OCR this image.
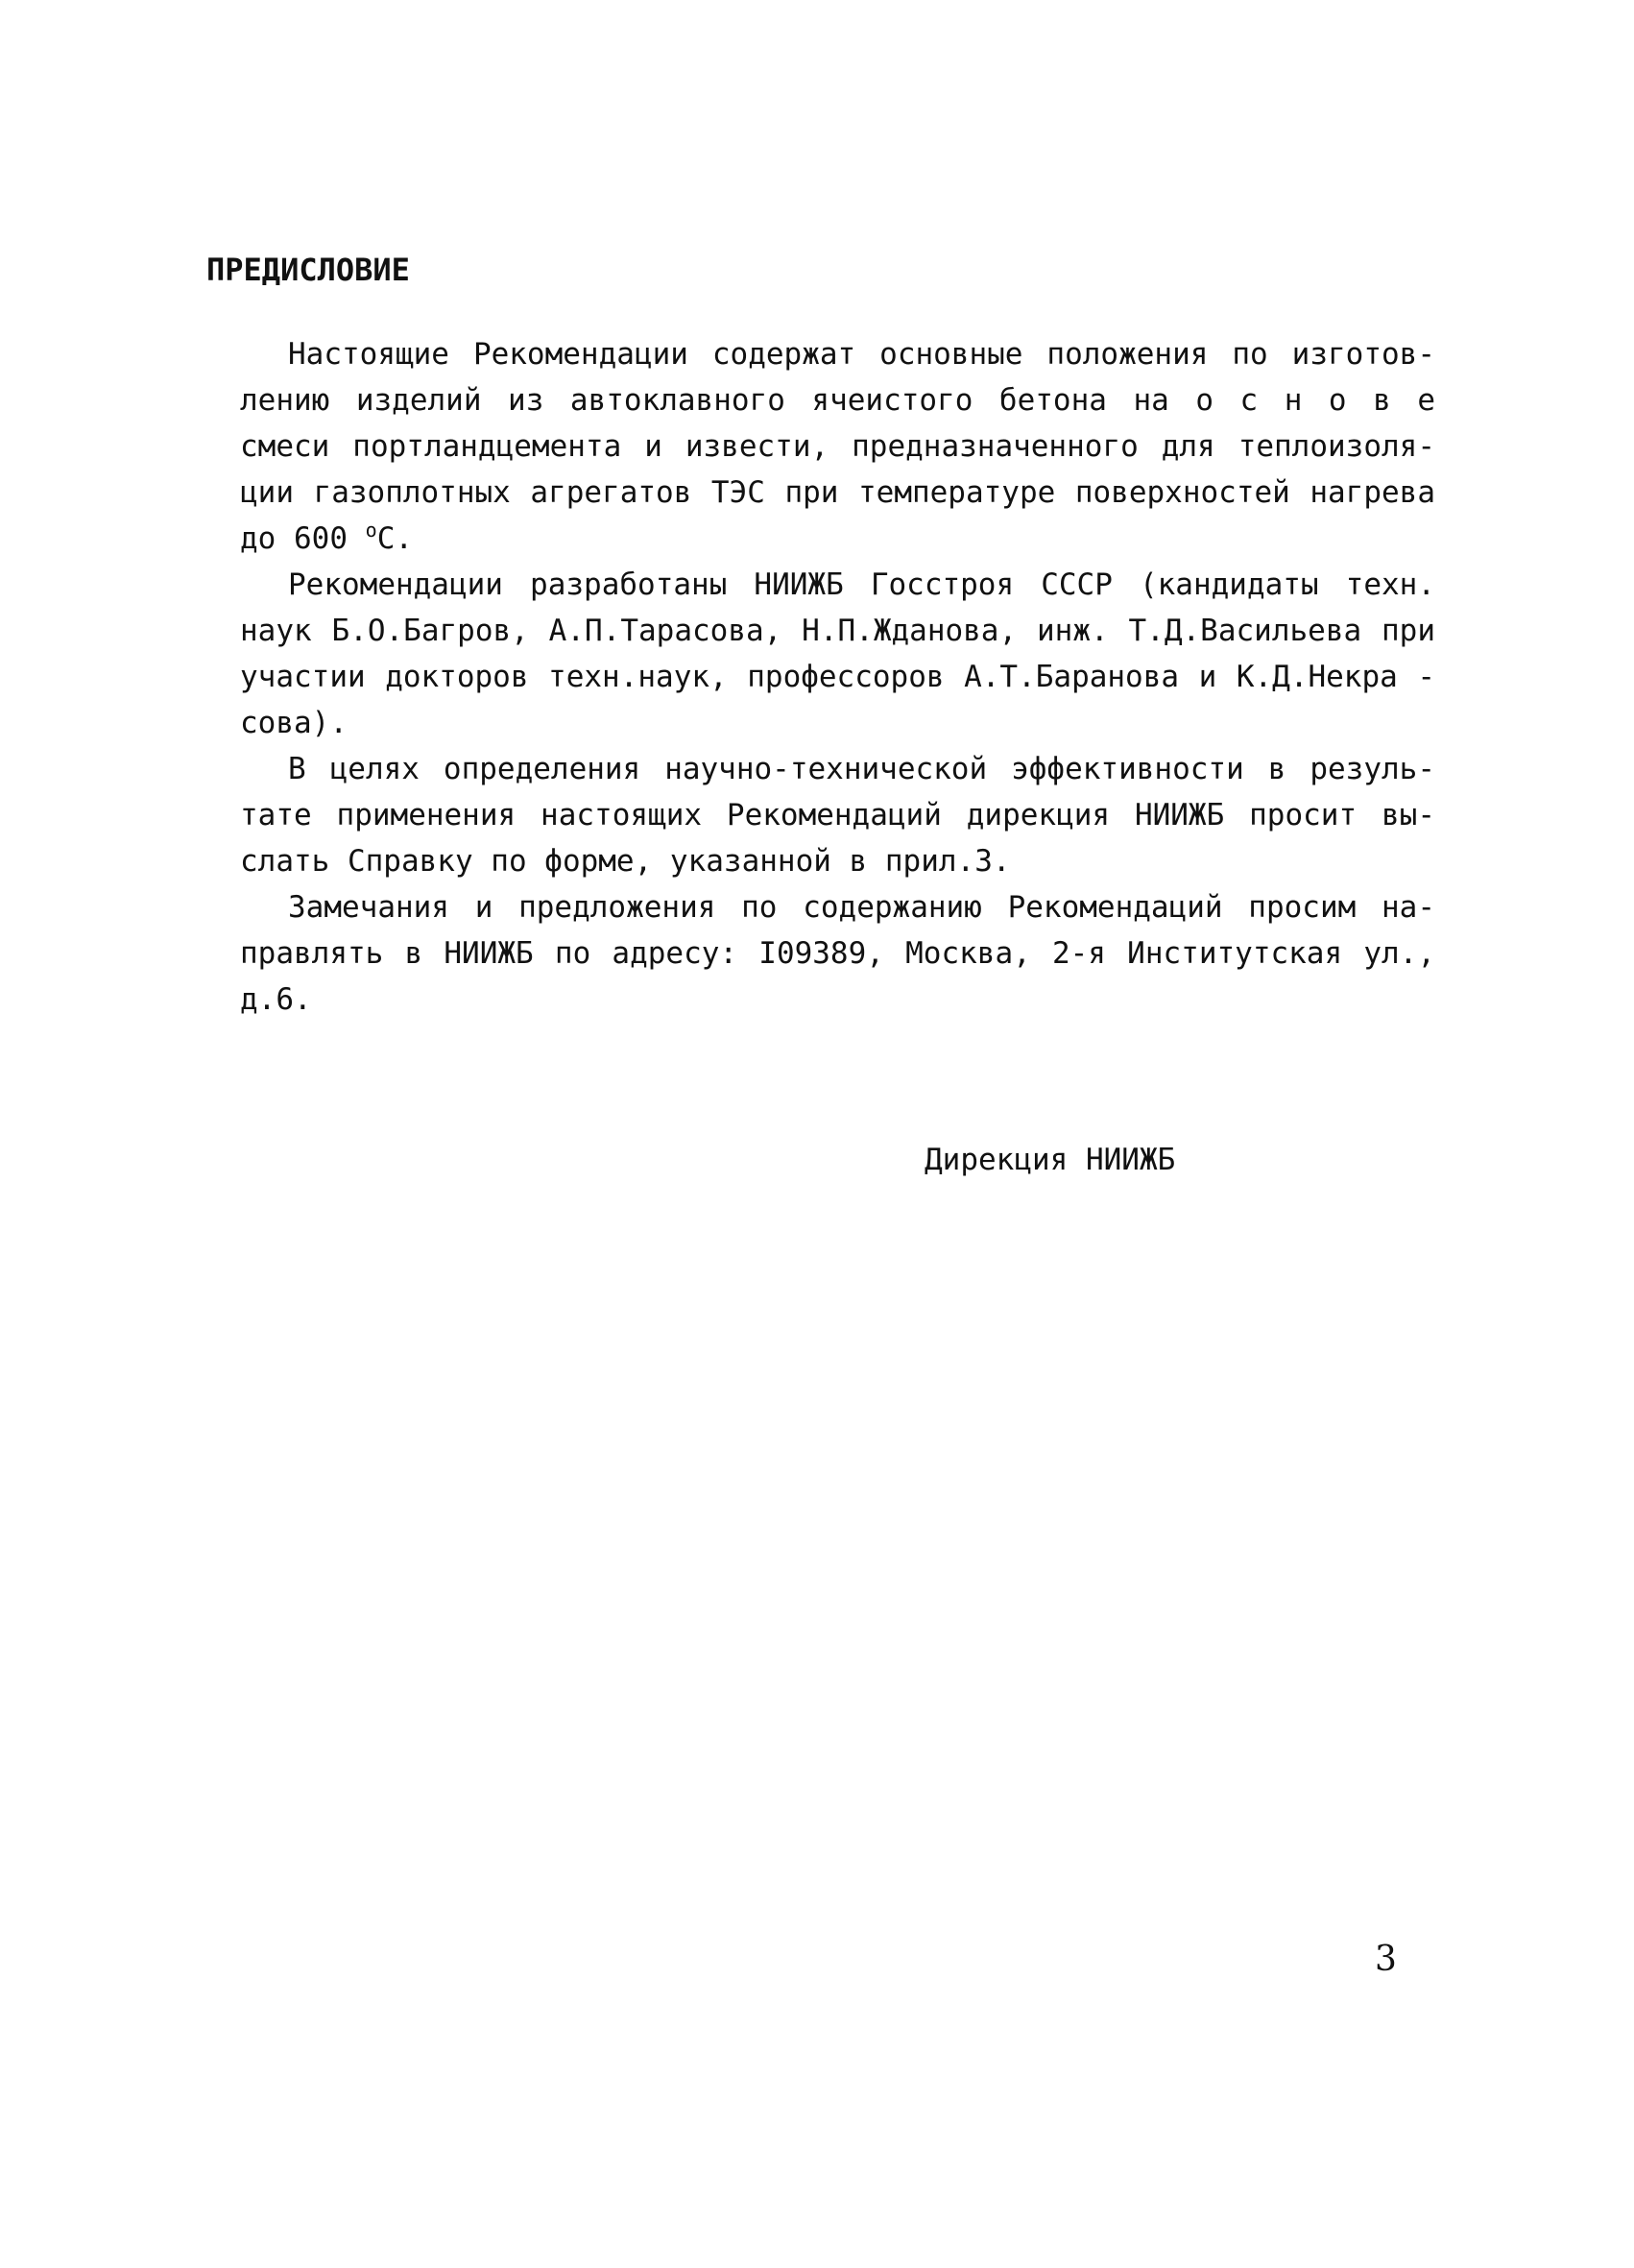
ПРЕДИСЛОВИЕ
Настоящие Рекомендации содержат основные положения по изготов-
лению изделий из автоклавного ячеистого бетона на о с н о в е
смеси портландцемента и извести, предназначенного для теплоизоля-
ции газоплотных агрегатов ТЭС при температуре поверхностей нагрева
до 600 $^о$С.
Рекомендации разработаны НИИЖБ Госстроя СССР (кандидаты техн.
наук Б.О.Багров, А.П.Тарасова, Н.П.Жданова, инж. Т.Д.Васильева при
участии докторов техн.наук, профессоров А.Т.Баранова и К.Д.Некра -
сова).
В целях определения научно-технической эффективности в резуль-
тате применения настоящих Рекомендаций дирекция НИИЖБ просит вы-
слать Справку по форме, указанной в прил.3.
Замечания и предложения по содержанию Рекомендаций просим на-
правлять в НИИЖБ по адресу: I09389, Москва, 2-я Институтская ул.,
д.6.
Дирекция НИИЖБ
3
